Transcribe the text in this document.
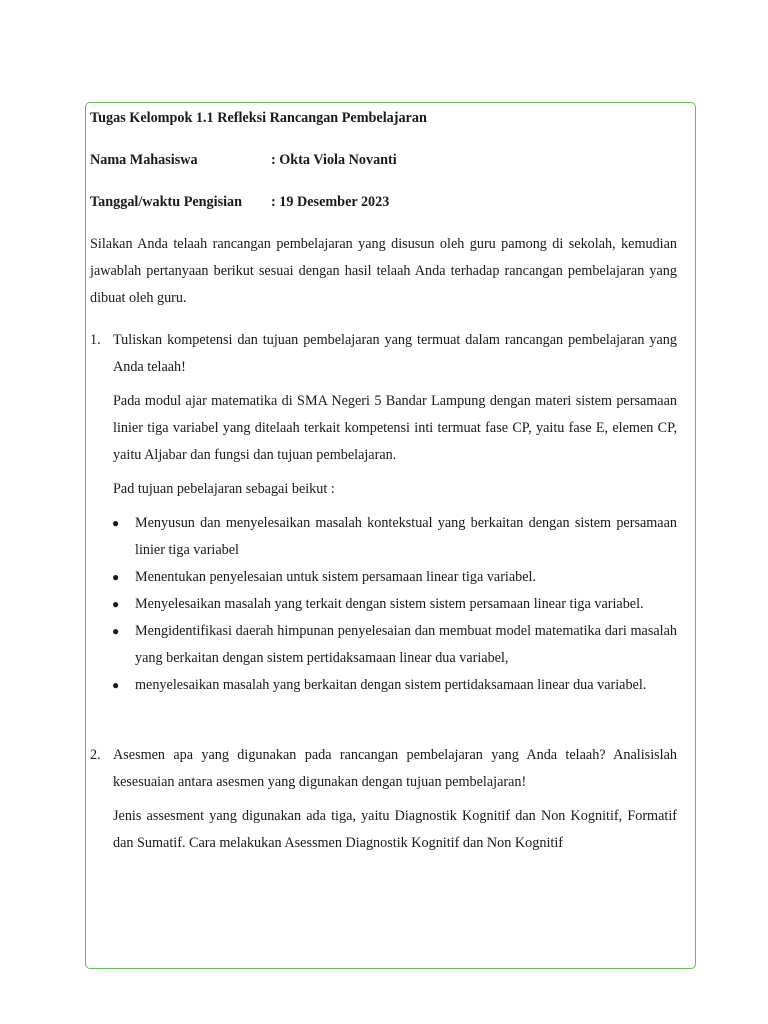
Tugas Kelompok 1.1 Refleksi Rancangan Pembelajaran
Nama Mahasiswa	: Okta Viola Novanti
Tanggal/waktu Pengisian : 19 Desember 2023

Silakan Anda telaah rancangan pembelajaran yang disusun oleh guru pamong di sekolah, kemudian jawablah pertanyaan berikut sesuai dengan hasil telaah Anda terhadap rancangan pembelajaran yang dibuat oleh guru.

1. Tuliskan kompetensi dan tujuan pembelajaran yang termuat dalam rancangan pembelajaran yang Anda telaah!
Pada modul ajar matematika di SMA Negeri 5 Bandar Lampung dengan materi sistem persamaan linier tiga variabel yang ditelaah terkait kompetensi inti termuat fase CP, yaitu fase E, elemen CP, yaitu Aljabar dan fungsi dan tujuan pembelajaran.
Pad tujuan pebelajaran sebagai beikut :
● Menyusun dan menyelesaikan masalah kontekstual yang berkaitan dengan sistem persamaan linier tiga variabel
● Menentukan penyelesaian untuk sistem persamaan linear tiga variabel.
● Menyelesaikan masalah yang terkait dengan sistem sistem persamaan linear tiga variabel.
● Mengidentifikasi daerah himpunan penyelesaian dan membuat model matematika dari masalah yang berkaitan dengan sistem pertidaksamaan linear dua variabel,
● menyelesaikan masalah yang berkaitan dengan sistem pertidaksamaan linear dua variabel.
2. Asesmen apa yang digunakan pada rancangan pembelajaran yang Anda telaah? Analisislah kesesuaian antara asesmen yang digunakan dengan tujuan pembelajaran!
Jenis assesment yang digunakan ada tiga, yaitu Diagnostik Kognitif dan Non Kognitif, Formatif dan Sumatif. Cara melakukan Asessmen Diagnostik Kognitif dan Non Kognitif
